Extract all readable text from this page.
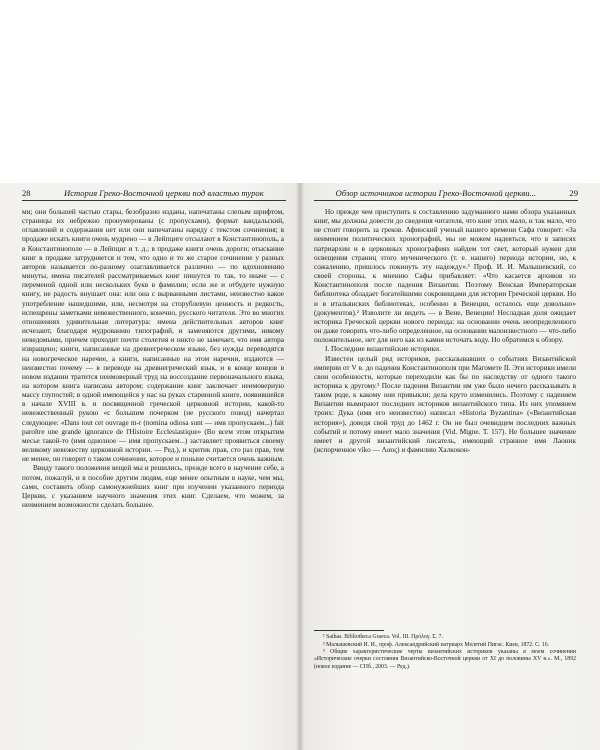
28	История Греко-Восточной церкви под властью турок

ми; они большей частью стары, безобразно изданы, напечатаны слепым шрифтом, страницы их небрежно пронумерованы (с пропусками), формат вандальский, оглавлений и содержания нет или они напечатаны наряду с текстом сочинения; в продаже искать книги очень мудрено — в Лейпциге отсылают в Константинополь, а в Константинополе — в Лейпциг и т. д.; в продаже книги очень дороги; отыскание книг в продаже затрудняется и тем, что одно и то же старое сочинение у разных авторов называется по-разному озаглавливается различно — по вдохновению минуты, имена писателей рассматриваемых книг пишутся то так, то иначе — с переменой одной или нескольких букв в фамилии; если же и отбудете нужную книгу, не радость внушает она: или она с вырванными листами, неизвестно какое употребление нашедшими, или, несмотря на сторублевую ценность и редкость, испещрены заметками невежественного, конечно, русского читателя. Это во многих отношениях удивительная литература: имена действительных авторов книг исчезают, благодаря мудрованию типографий, и заменяются другими, никому неведомыми, причем проходит почти столетия и никто не замечает, что имя автора извращено; книги, написанные на древнегреческом языке, без нужды переводятся на новогреческое наречие, а книги, написанные на этом наречии, издаются — неизвестно почему — в переводе на древнегреческий язык, и в конце концов в новом издании тратится неимоверный труд на воссоздание первоначального языка, на котором книга написана автором; содержание книг заключает неимоверную массу глупостей; в одной имеющейся у нас на руках старинной книге, появившейся в начале XVIII в. и посвященной греческой церковной истории, какой-то невежественный рукою «с большим почерком (не русского повод) начертал следующее: «Dans tout cet ouvrage m-r (nomina odiosa sunt — имя пропускаем...) fait paroître une grande ignorance de l'Histoire Ecclesiastique» (Во всем этом открытим месье такой-то (имя одиозное — имя пропускаем...) заставляет проявиться своему великому невежеству церковной истории. — Ред.), и критик прав, сто раз прав, тем не менее, он говорит о таком сочинении, которое и поныне считается очень важным.

Ввиду такого положения вещей мы и решились, прежде всего в научение себе, а потом, пожалуй, и в пособие другим людям, еще менее опытным в науке, чем мы, сами, составить обзор самонужнейших книг при изучении указанного периода Церкви, с указанием научного значения этих книг. Сделаем, что можем, за неимением возможности сделать большее.

Обзор источников истории Греко-Восточной церкви...	29

Но прежде чем приступить к составлению задуманного нами обзора указанных книг, мы должны довести до сведения читателя, что книг этих мало, и так мало, что не стоит говорить за греков. Афинский ученый нашего времени Сафа говорит: «За неимением политических хронографий, мы не можем надеяться, что в записях патриархии и в церковных хронографиях найдем тот свет, который нужен для освещения страниц этого мученического (т. е. нашего) периода истории, но, к сожалению, пришлось покинуть эту надежду».¹ Проф. И. И. Малышевский, со своей стороны, к мнению Сафы прибавляет: «Что касается архивов из Константинополя после падения Византии. Поэтому Венская Императорская библиотека обладает богатейшими сокровищами для истории Греческой церкви. Но и в итальянских библиотеках, особенно в Венеции, осталось еще довольно» (документов).² Изволите ли видеть — в Вене, Венеции! Несладкая доля ожидает историка Греческой церкви нового периода: на основании очень неопределенного он даже говорить что-либо определенное, на основании малоизвестного — что-либо положительное, нет для него как из камня источать воду. Но обратимся к обзору.

I. Последние византийские историки.

Известен целый ряд историков, рассказывавших о событиях Византийской империи от V в. до падения Константинополя при Магомете II. Эти историки имели свои особенности, которые переходили как бы по наследству от одного такого историка к другому.³ После падения Византии им уже было нечего рассказывать в таком роде, к какому они привыкли; дела круто изменились. Поэтому с падением Византии вымирают последних историков византийского типа. Из них упомянем троих: Дука (имя его неизвестно) написал «Historia Byzantina» («Византийская история»), доведя свой труд до 1462 г. Он не был очевидцем последних важных событий и потому имеет мало значения (Vid. Migne. T. 157). Не большее значение имеет и другой византийский писатель, имеющий странное имя Лаоник (испорченное víko — Λαος) и фамилию Халкокон-

¹ Sathas. Bibliotheca Graeca. Vol. III. Πρόλογ. Σ. 7.

² Малышевский И. И., проф. Александрийский патриарх Мелетий Пигас. Киев, 1872. С. 16.

³ Общие характеристические черты византийских историков указаны в моем сочинении «Исторические очерки состояния Византийско-Восточной церкви от XI до половины XV в.». М., 1892 (новое издание — СПб., 2003. — Ред.).
